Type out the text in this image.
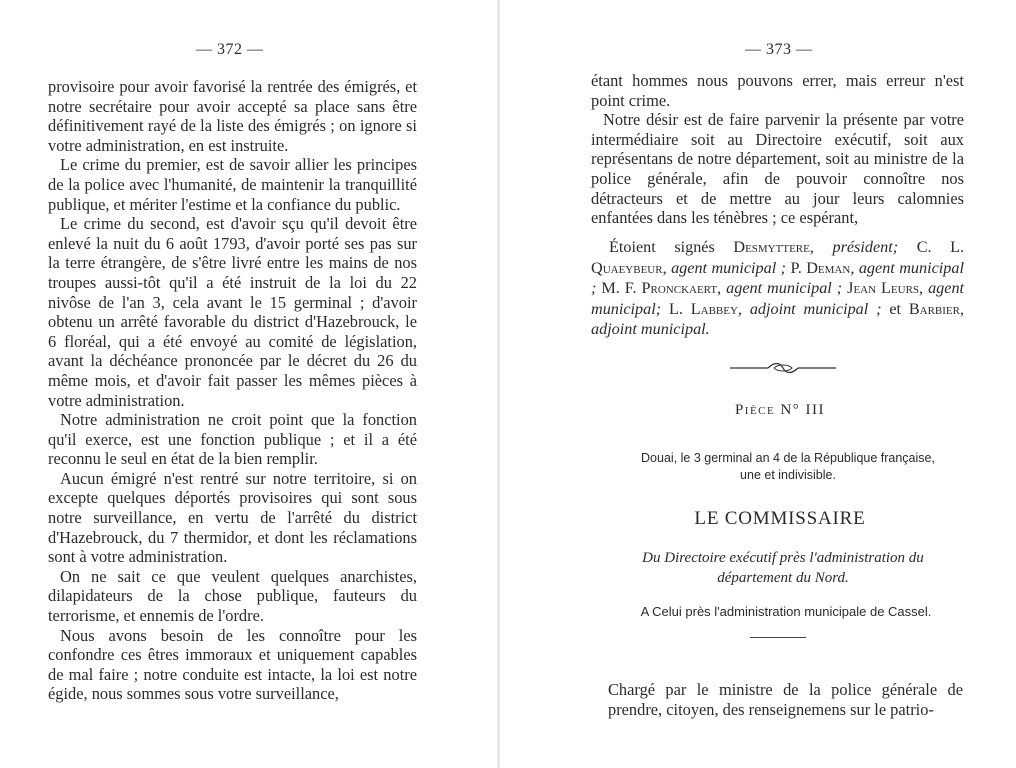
— 372 —

provisoire pour avoir favorisé la rentrée des émigrés, et notre secrétaire pour avoir accepté sa place sans être définitivement rayé de la liste des émigrés ; on ignore si votre administration, en est instruite.

Le crime du premier, est de savoir allier les principes de la police avec l'humanité, de maintenir la tranquillité publique, et mériter l'estime et la confiance du public.

Le crime du second, est d'avoir sçu qu'il devoit être enlevé la nuit du 6 août 1793, d'avoir porté ses pas sur la terre étrangère, de s'être livré entre les mains de nos troupes aussi-tôt qu'il a été instruit de la loi du 22 nivôse de l'an 3, cela avant le 15 germinal ; d'avoir obtenu un arrêté favorable du district d'Hazebrouck, le 6 floréal, qui a été envoyé au comité de législation, avant la déchéance prononcée par le décret du 26 du même mois, et d'avoir fait passer les mêmes pièces à votre administration.

Notre administration ne croit point que la fonction qu'il exerce, est une fonction publique ; et il a été reconnu le seul en état de la bien remplir.

Aucun émigré n'est rentré sur notre territoire, si on excepte quelques déportés provisoires qui sont sous notre surveillance, en vertu de l'arrêté du district d'Hazebrouck, du 7 thermidor, et dont les réclamations sont à votre administration.

On ne sait ce que veulent quelques anarchistes, dilapidateurs de la chose publique, fauteurs du terrorisme, et ennemis de l'ordre.

Nous avons besoin de les connoître pour les confondre ces êtres immoraux et uniquement capables de mal faire ; notre conduite est intacte, la loi est notre égide, nous sommes sous votre surveillance,

— 373 —

étant hommes nous pouvons errer, mais erreur n'est point crime.

Notre désir est de faire parvenir la présente par votre intermédiaire soit au Directoire exécutif, soit aux représentans de notre département, soit au ministre de la police générale, afin de pouvoir connoître nos détracteurs et de mettre au jour leurs calomnies enfantées dans les ténèbres ; ce espérant,

Étoient signés Desmyttere, président; C. L. Quaeybeur, agent municipal ; P. Deman, agent municipal ; M. F. Pronckaert, agent municipal ; Jean Leurs, agent municipal; L. Labbey, adjoint municipal ; et Barbier, adjoint municipal.
Pièce N° III
Douai, le 3 germinal an 4 de la République française,
une et indivisible.
LE COMMISSAIRE
Du Directoire exécutif près l'administration du
département du Nord.
A Celui près l'administration municipale de Cassel.

Chargé par le ministre de la police générale de prendre, citoyen, des renseignemens sur le patrio-
